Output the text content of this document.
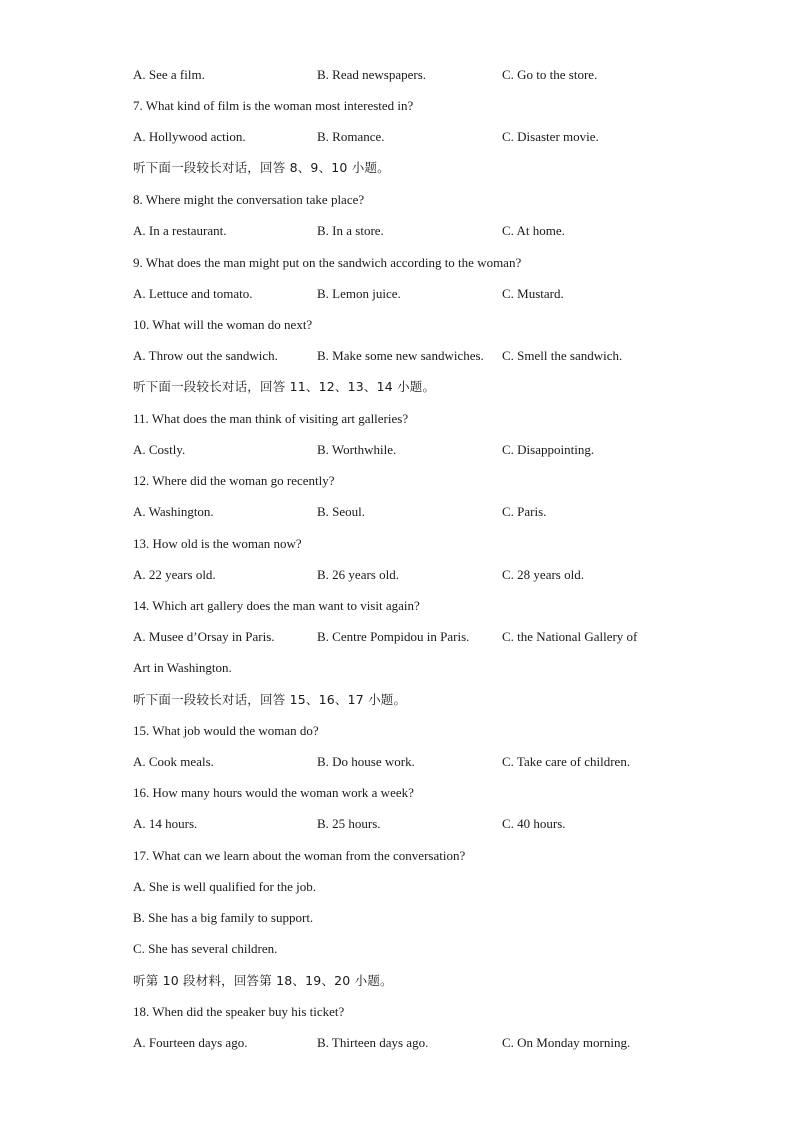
A. See a film.	B. Read newspapers.	C. Go to the store.
7. What kind of film is the woman most interested in?
A. Hollywood action.	B. Romance.	C. Disaster movie.
听下面一段较长对话，回答 8、9、10 小题。
8. Where might the conversation take place?
A. In a restaurant.	B. In a store.	C. At home.
9. What does the man might put on the sandwich according to the woman?
A. Lettuce and tomato.	B. Lemon juice.	C. Mustard.
10. What will the woman do next?
A. Throw out the sandwich.	B. Make some new sandwiches. C. Smell the sandwich.
听下面一段较长对话，回答 11、12、13、14 小题。
11. What does the man think of visiting art galleries?
A. Costly.	B. Worthwhile.	C. Disappointing.
12. Where did the woman go recently?
A. Washington.	B. Seoul.	C. Paris.
13. How old is the woman now?
A. 22 years old.	B. 26 years old.	C. 28 years old.
14. Which art gallery does the man want to visit again?
A. Musee d’Orsay in Paris.	B. Centre Pompidou in Paris.	C. the National Gallery of
Art in Washington.
听下面一段较长对话，回答 15、16、17 小题。
15. What job would the woman do?
A. Cook meals.	B. Do house work.	C. Take care of children.
16. How many hours would the woman work a week?
A. 14 hours.	B. 25 hours.	C. 40 hours.
17. What can we learn about the woman from the conversation?
A. She is well qualified for the job.
B. She has a big family to support.
C. She has several children.
听第 10 段材料，回答第 18、19、20 小题。
18. When did the speaker buy his ticket?
A. Fourteen days ago.	B. Thirteen days ago.	C. On Monday morning.
